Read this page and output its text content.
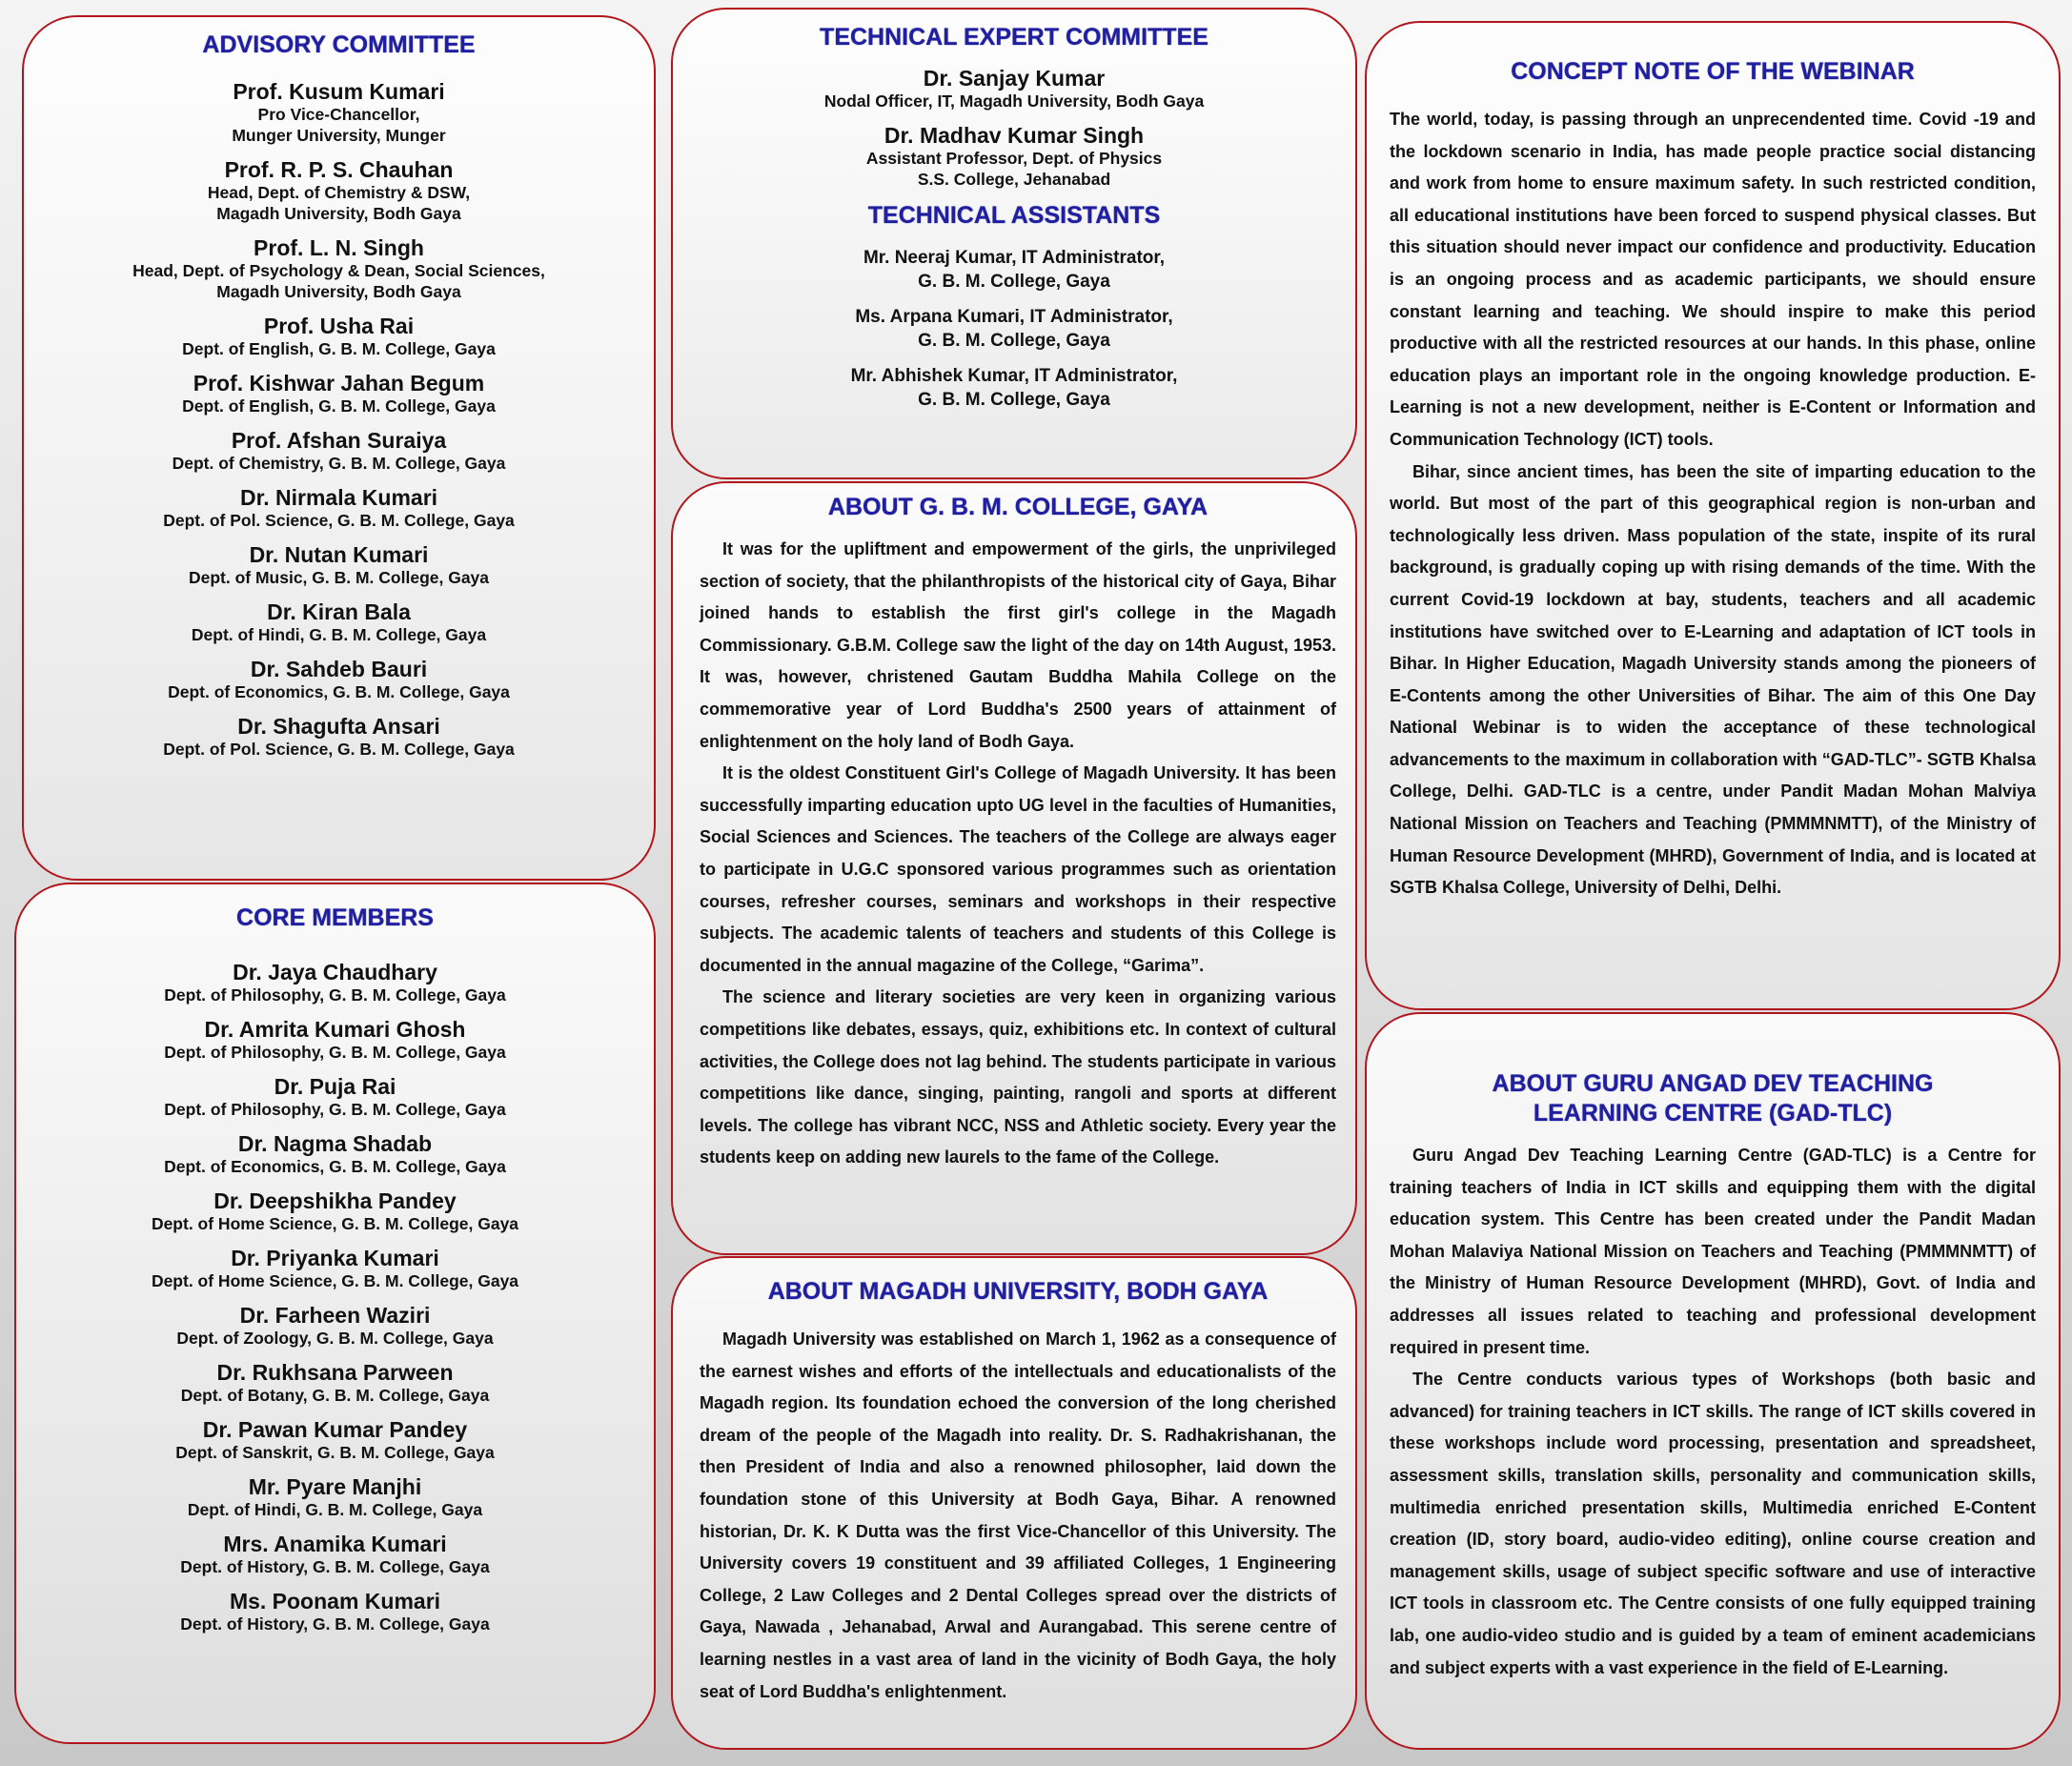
ADVISORY COMMITTEE
Prof. Kusum Kumari
Pro Vice-Chancellor,
Munger University, Munger
Prof. R. P. S. Chauhan
Head, Dept. of Chemistry & DSW,
Magadh University, Bodh Gaya
Prof. L. N. Singh
Head, Dept. of Psychology & Dean, Social Sciences,
Magadh University, Bodh Gaya
Prof. Usha Rai
Dept. of English, G. B. M. College, Gaya
Prof. Kishwar Jahan Begum
Dept. of English, G. B. M. College, Gaya
Prof. Afshan Suraiya
Dept. of Chemistry, G. B. M. College, Gaya
Dr. Nirmala Kumari
Dept. of Pol. Science, G. B. M. College, Gaya
Dr. Nutan Kumari
Dept. of Music, G. B. M. College, Gaya
Dr. Kiran Bala
Dept. of Hindi, G. B. M. College, Gaya
Dr. Sahdeb Bauri
Dept. of Economics, G. B. M. College, Gaya
Dr. Shagufta Ansari
Dept. of Pol. Science, G. B. M. College, Gaya
CORE MEMBERS
Dr. Jaya Chaudhary
Dept. of Philosophy, G. B. M. College, Gaya
Dr. Amrita Kumari Ghosh
Dept. of Philosophy, G. B. M. College, Gaya
Dr. Puja Rai
Dept. of Philosophy, G. B. M. College, Gaya
Dr. Nagma Shadab
Dept. of Economics, G. B. M. College, Gaya
Dr. Deepshikha Pandey
Dept. of Home Science, G. B. M. College, Gaya
Dr. Priyanka Kumari
Dept. of Home Science, G. B. M. College, Gaya
Dr. Farheen Waziri
Dept. of Zoology, G. B. M. College, Gaya
Dr. Rukhsana Parween
Dept. of Botany, G. B. M. College, Gaya
Dr. Pawan Kumar Pandey
Dept. of Sanskrit, G. B. M. College, Gaya
Mr. Pyare Manjhi
Dept. of Hindi, G. B. M. College, Gaya
Mrs. Anamika Kumari
Dept. of History, G. B. M. College, Gaya
Ms. Poonam Kumari
Dept. of History, G. B. M. College, Gaya
TECHNICAL EXPERT COMMITTEE
Dr. Sanjay Kumar
Nodal Officer, IT, Magadh University, Bodh Gaya
Dr. Madhav Kumar Singh
Assistant Professor, Dept. of Physics
S.S. College, Jehanabad
TECHNICAL ASSISTANTS
Mr. Neeraj Kumar, IT Administrator,
G. B. M. College, Gaya
Ms. Arpana Kumari, IT Administrator,
G. B. M. College, Gaya
Mr. Abhishek Kumar, IT Administrator,
G. B. M. College, Gaya
ABOUT G. B. M. COLLEGE, GAYA

It was for the upliftment and empowerment of the girls, the unprivileged section of society, that the philanthropists of the historical city of Gaya, Bihar joined hands to establish the first girl's college in the Magadh Commissionary. G.B.M. College saw the light of the day on 14th August, 1953. It was, however, christened Gautam Buddha Mahila College on the commemorative year of Lord Buddha's 2500 years of attainment of enlightenment on the holy land of Bodh Gaya.

It is the oldest Constituent Girl's College of Magadh University. It has been successfully imparting education upto UG level in the faculties of Humanities, Social Sciences and Sciences. The teachers of the College are always eager to participate in U.G.C sponsored various programmes such as orientation courses, refresher courses, seminars and workshops in their respective subjects. The academic talents of teachers and students of this College is documented in the annual magazine of the College, “Garima”.

The science and literary societies are very keen in organizing various competitions like debates, essays, quiz, exhibitions etc. In context of cultural activities, the College does not lag behind. The students participate in various competitions like dance, singing, painting, rangoli and sports at different levels. The college has vibrant NCC, NSS and Athletic society. Every year the students keep on adding new laurels to the fame of the College.

ABOUT MAGADH UNIVERSITY, BODH GAYA

Magadh University was established on March 1, 1962 as a consequence of the earnest wishes and efforts of the intellectuals and educationalists of the Magadh region. Its foundation echoed the conversion of the long cherished dream of the people of the Magadh into reality. Dr. S. Radhakrishanan, the then President of India and also a renowned philosopher, laid down the foundation stone of this University at Bodh Gaya, Bihar. A renowned historian, Dr. K. K Dutta was the first Vice-Chancellor of this University. The University covers 19 constituent and 39 affiliated Colleges, 1 Engineering College, 2 Law Colleges and 2 Dental Colleges spread over the districts of Gaya, Nawada , Jehanabad, Arwal and Aurangabad. This serene centre of learning nestles in a vast area of land in the vicinity of Bodh Gaya, the holy seat of Lord Buddha's enlightenment.

CONCEPT NOTE OF THE WEBINAR

The world, today, is passing through an unprecendented time. Covid -19 and the lockdown scenario in India, has made people practice social distancing and work from home to ensure maximum safety. In such restricted condition, all educational institutions have been forced to suspend physical classes. But this situation should never impact our confidence and productivity. Education is an ongoing process and as academic participants, we should ensure constant learning and teaching. We should inspire to make this period productive with all the restricted resources at our hands. In this phase, online education plays an important role in the ongoing knowledge production. E-Learning is not a new development, neither is E-Content or Information and Communication Technology (ICT) tools.

Bihar, since ancient times, has been the site of imparting education to the world. But most of the part of this geographical region is non-urban and technologically less driven. Mass population of the state, inspite of its rural background, is gradually coping up with rising demands of the time. With the current Covid-19 lockdown at bay, students, teachers and all academic institutions have switched over to E-Learning and adaptation of ICT tools in Bihar. In Higher Education, Magadh University stands among the pioneers of E-Contents among the other Universities of Bihar. The aim of this One Day National Webinar is to widen the acceptance of these technological advancements to the maximum in collaboration with “GAD-TLC”- SGTB Khalsa College, Delhi. GAD-TLC is a centre, under Pandit Madan Mohan Malviya National Mission on Teachers and Teaching (PMMMNMTT), of the Ministry of Human Resource Development (MHRD), Government of India, and is located at SGTB Khalsa College, University of Delhi, Delhi.

ABOUT GURU ANGAD DEV TEACHING LEARNING CENTRE (GAD-TLC)

Guru Angad Dev Teaching Learning Centre (GAD-TLC) is a Centre for training teachers of India in ICT skills and equipping them with the digital education system. This Centre has been created under the Pandit Madan Mohan Malaviya National Mission on Teachers and Teaching (PMMMNMTT) of the Ministry of Human Resource Development (MHRD), Govt. of India and addresses all issues related to teaching and professional development required in present time.

The Centre conducts various types of Workshops (both basic and advanced) for training teachers in ICT skills. The range of ICT skills covered in these workshops include word processing, presentation and spreadsheet, assessment skills, translation skills, personality and communication skills, multimedia enriched presentation skills, Multimedia enriched E-Content creation (ID, story board, audio-video editing), online course creation and management skills, usage of subject specific software and use of interactive ICT tools in classroom etc. The Centre consists of one fully equipped training lab, one audio-video studio and is guided by a team of eminent academicians and subject experts with a vast experience in the field of E-Learning.
